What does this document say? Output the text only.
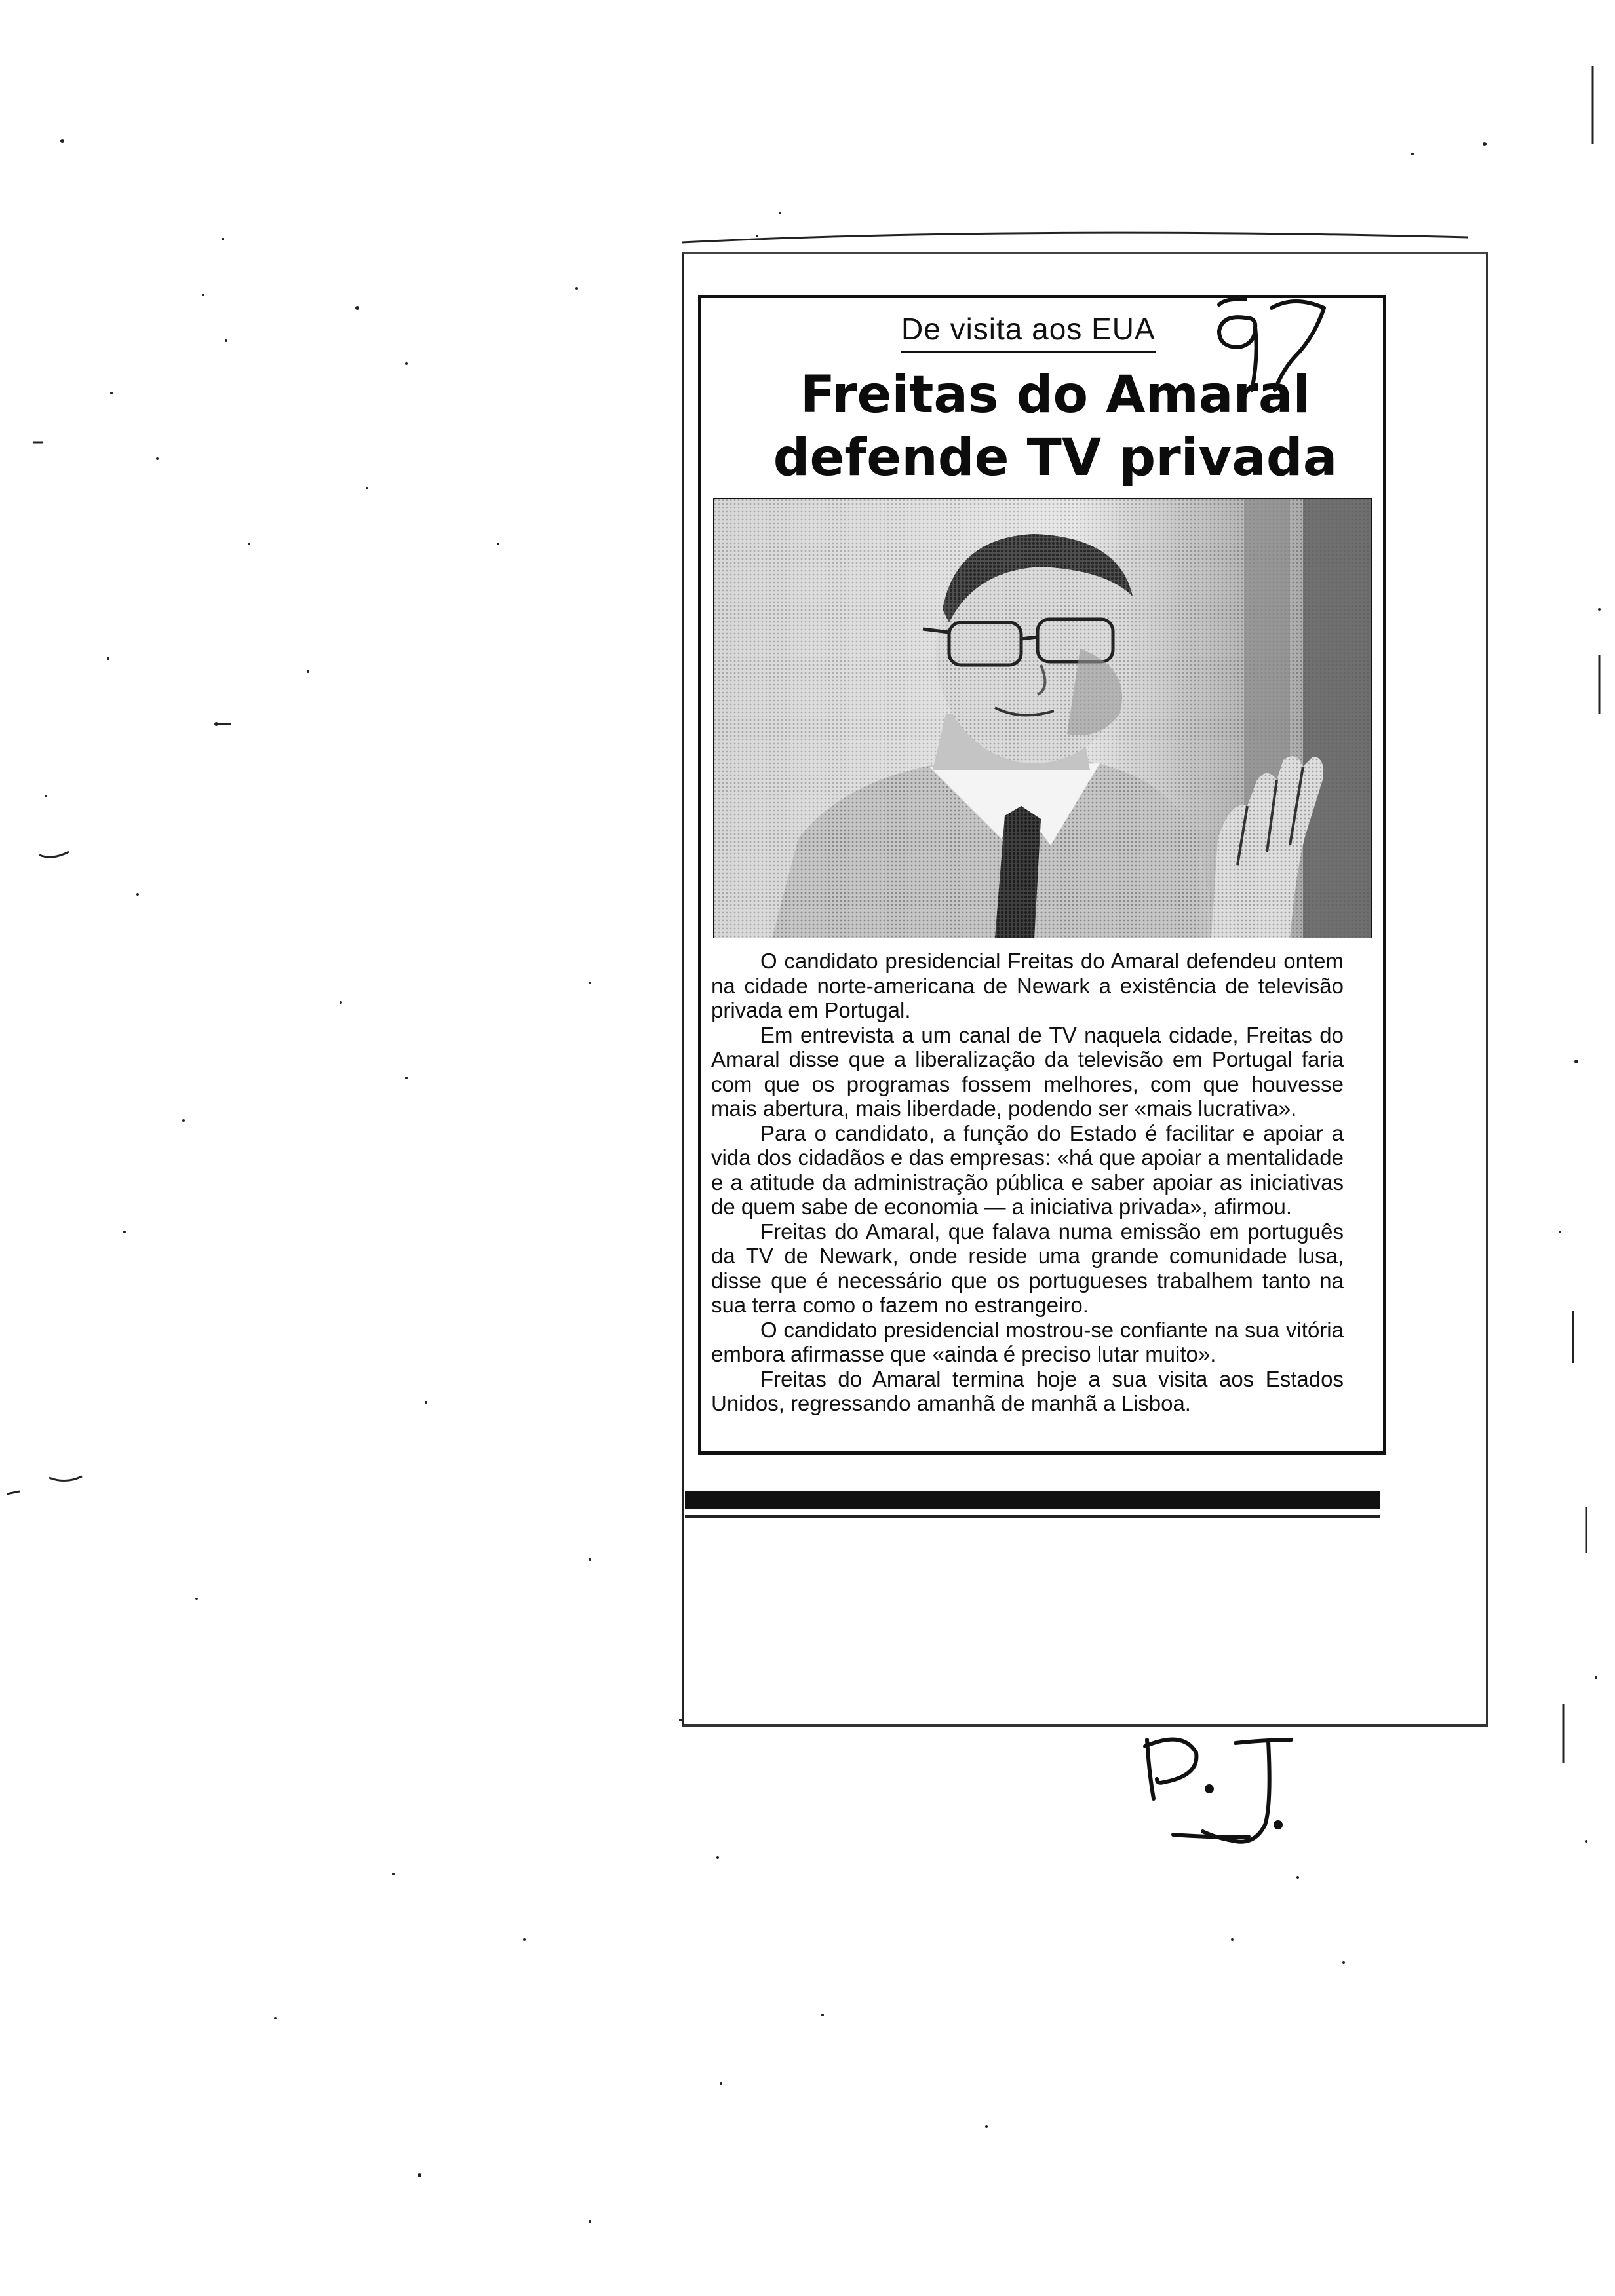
De visita aos EUA
Freitas do Amaral
defende TV privada

O candidato presidencial Freitas do Amaral defendeu ontem na cidade norte-americana de Newark a existência de televisão privada em Portugal.

Em entrevista a um canal de TV naquela cidade, Freitas do Amaral disse que a liberalização da televisão em Portugal faria com que os programas fossem melhores, com que houvesse mais abertura, mais liberdade, podendo ser «mais lucrativa».

Para o candidato, a função do Estado é facilitar e apoiar a vida dos cidadãos e das empresas: «há que apoiar a mentalidade e a atitude da administração pública e saber apoiar as iniciativas de quem sabe de economia — a iniciativa privada», afirmou.

Freitas do Amaral, que falava numa emissão em português da TV de Newark, onde reside uma grande comunidade lusa, disse que é necessário que os portugueses trabalhem tanto na sua terra como o fazem no estrangeiro.

O candidato presidencial mostrou-se confiante na sua vitória embora afirmasse que «ainda é preciso lutar muito».

Freitas do Amaral termina hoje a sua visita aos Estados Unidos, regressando amanhã de manhã a Lisboa.
